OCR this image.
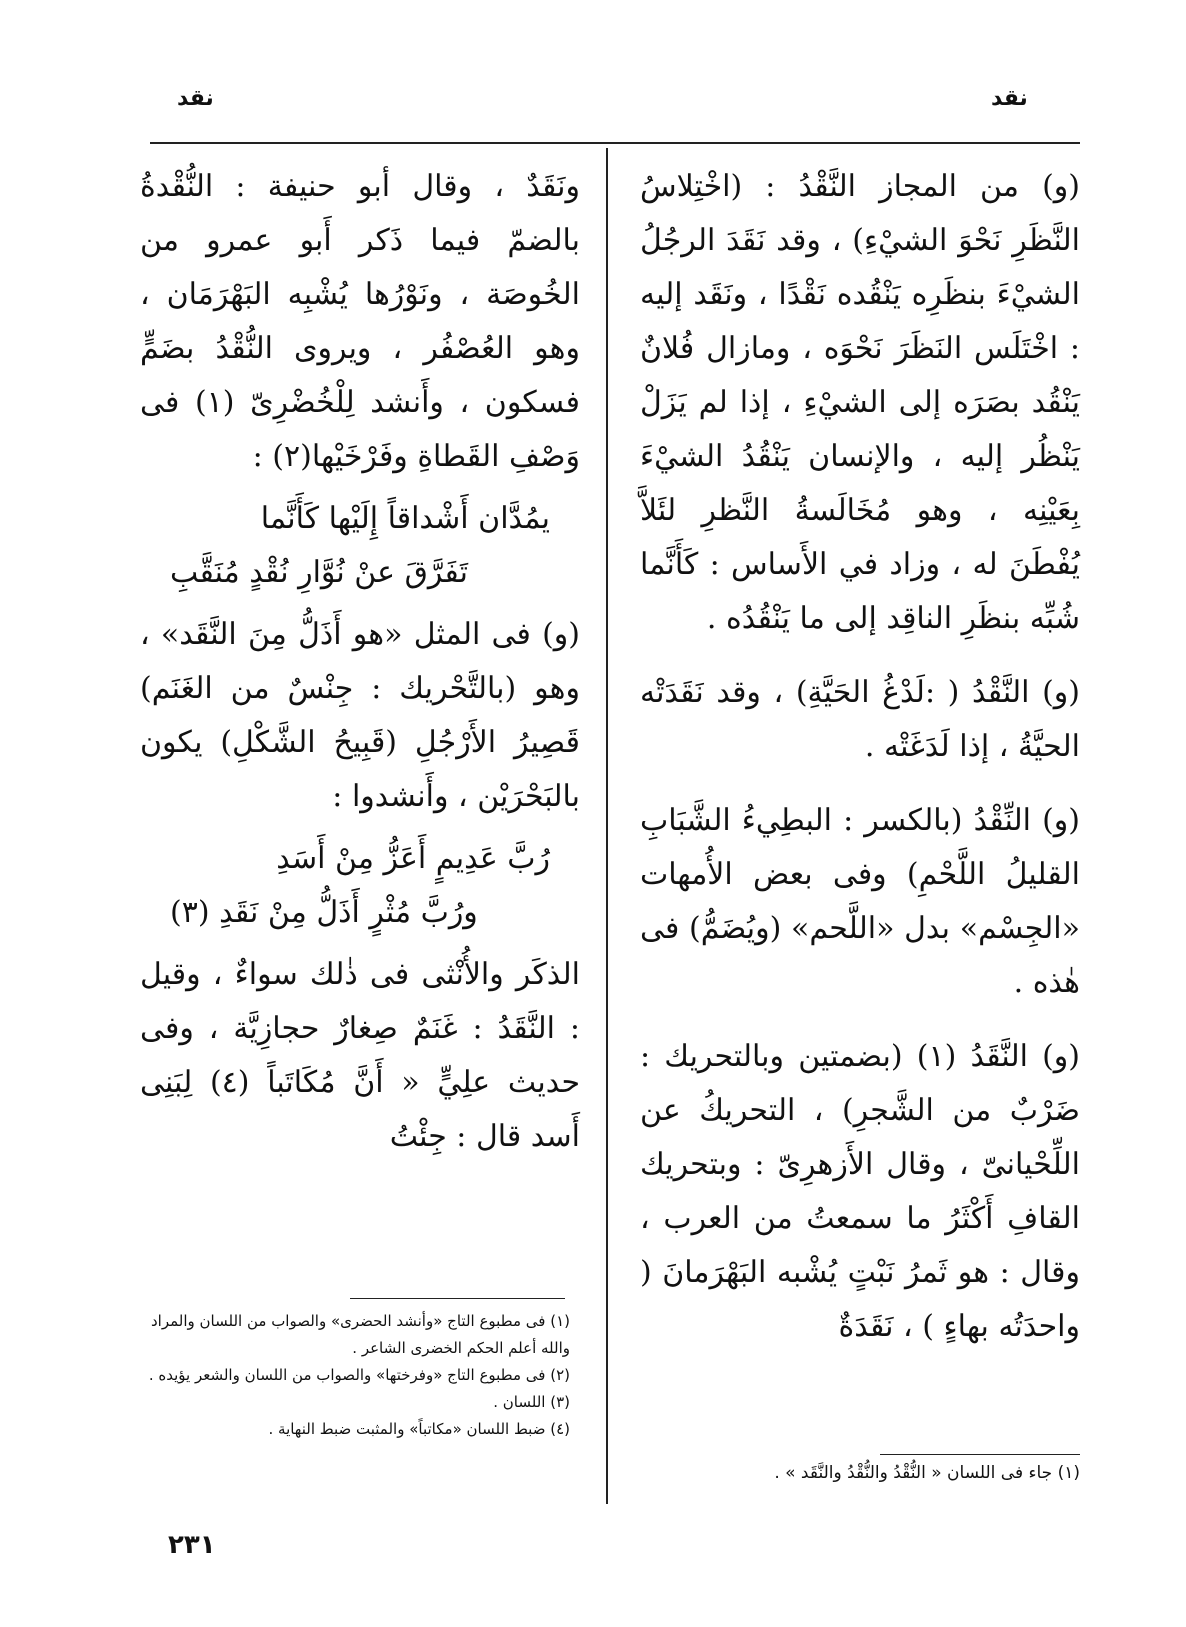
نقد	نقد

(و) من المجاز النَّقْدُ : (اخْتِلاسُ النَّظَرِ نَحْوَ الشيْءِ) ، وقد نَقَدَ الرجُلُ الشيْءَ بنظَرِه يَنْقُده نَقْدًا ، ونَقَد إليه : اخْتَلَس النَظَرَ نَحْوَه ، ومازال فُلانٌ يَنْقُد بصَرَه إلى الشيْءِ ، إذا لم يَزَلْ يَنْظُر إليه ، والإنسان يَنْقُدُ الشيْءَ بِعَيْنِه ، وهو مُخَالَسةُ النَّظرِ لئَلاَّ يُفْطَنَ له ، وزاد في الأَساس : كَأَنَّما شُبِّه بنظَرِ الناقِد إلى ما يَنْقُدُه .

(و) النَّقْدُ ( :لَدْغُ الحَيَّةِ) ، وقد نَقَدَتْه الحيَّةُ ، إذا لَدَغَتْه .

(و) النِّقْدُ (بالكسر : البطِيءُ الشَّبَابِ القليلُ اللَّحْمِ) وفى بعض الأُمهات «الجِسْم» بدل «اللَّحم» (ويُضَمُّ) فى هٰذه .

(و) النَّقَدُ (١) (بضمتين وبالتحريك : ضَرْبٌ من الشَّجرِ) ، التحريكُ عن اللِّحْيانىّ ، وقال الأَزهرِىّ : وبتحريك القافِ أَكْثَرُ ما سمعتُ من العرب ، وقال : هو ثَمرُ نَبْتٍ يُشْبه البَهْرَمانَ ( واحدَتُه بهاءٍ ) ، نَقَدَةٌ

ونَقَدٌ ، وقال أبو حنيفة : النُّقْدةُ بالضمّ فيما ذَكر أَبو عمرو من الخُوصَة ، ونَوْرُها يُشْبِه البَهْرَمَان ، وهو العُصْفُر ، ويروى النُّقْدُ بضَمٍّ فسكون ، وأَنشد لِلْخُضْرِىّ (١) فى وَصْفِ القَطاةِ وفَرْخَيْها(٢) :

يمُدَّان أَشْداقاً إِلَيْها كَأَنَّما
تَفَرَّقَ عنْ نُوَّارِ نُقْدٍ مُنَقَّبِ

(و) فى المثل «هو أَذَلُّ مِنَ النَّقَد» ، وهو (بالتَّحْريك : جِنْسٌ من الغَنَم) قَصِيرُ الأَرْجُلِ (قَبِيحُ الشَّكْلِ) يكون بالبَحْرَيْن ، وأَنشدوا :

رُبَّ عَدِيمٍ أَعَزُّ مِنْ أَسَدِ
ورُبَّ مُثْرٍ أَذَلُّ مِنْ نَقَدِ (٣)

الذكَر والأُنْثى فى ذٰلك سواءٌ ، وقيل : النَّقَدُ : غَنَمٌ صِغارٌ حجازِيَّة ، وفى حديث علِيٍّ « أَنَّ مُكَاتَباً (٤) لِبَنِى أَسد قال : جِئْتُ

(١) فى مطبوع التاج «وأنشد الحضرى» والصواب من اللسان والمراد والله أعلم الحكم الخضرى الشاعر .

(٢) فى مطبوع التاج «وفرختها» والصواب من اللسان والشعر يؤيده .

(٣) اللسان .

(٤) ضبط اللسان «مكاتباً» والمثبت ضبط النهاية .

(١) جاء فى اللسان « النُّقْدُ والنُّقْدُ والنَّقَد » .

٢٣١
